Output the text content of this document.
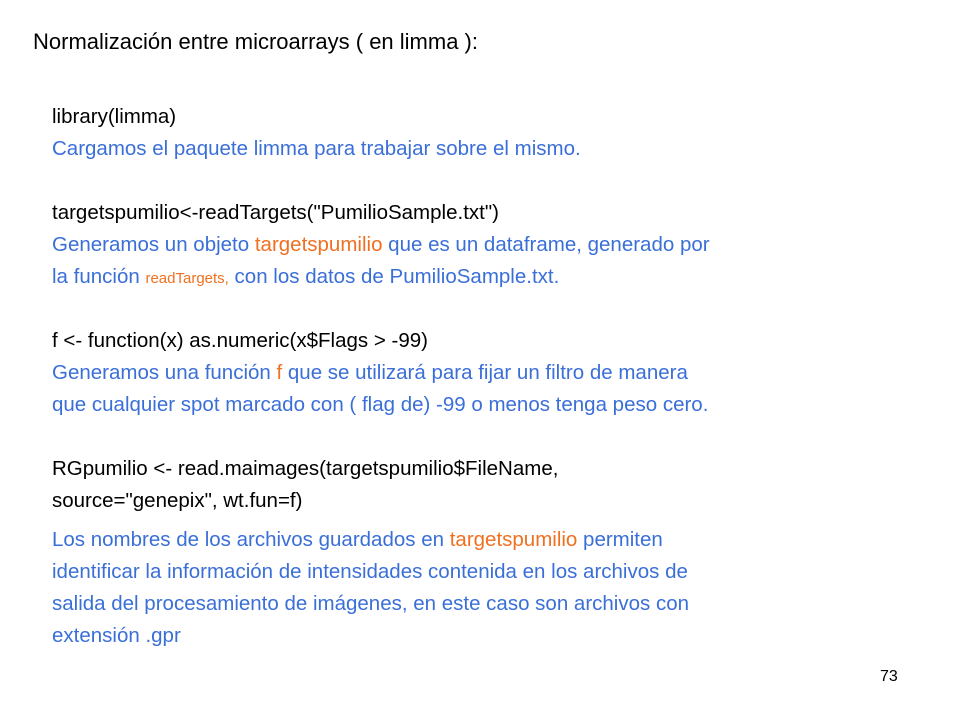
Normalización entre microarrays ( en limma ):
library(limma)
Cargamos el paquete limma para trabajar sobre el mismo.
targetspumilio<-readTargets("PumilioSample.txt")
Generamos un objeto targetspumilio que es un dataframe, generado por
la función readTargets, con los datos de PumilioSample.txt.
f <- function(x) as.numeric(x$Flags > -99)
Generamos una función f que se utilizará para fijar un filtro de manera
que cualquier spot marcado con ( flag de) -99 o menos tenga peso cero.
RGpumilio <- read.maimages(targetspumilio$FileName,
source="genepix", wt.fun=f)
Los nombres de los archivos guardados en targetspumilio permiten
identificar la información de intensidades contenida en los archivos de
salida del procesamiento de imágenes, en este caso son archivos con
extensión .gpr
73
